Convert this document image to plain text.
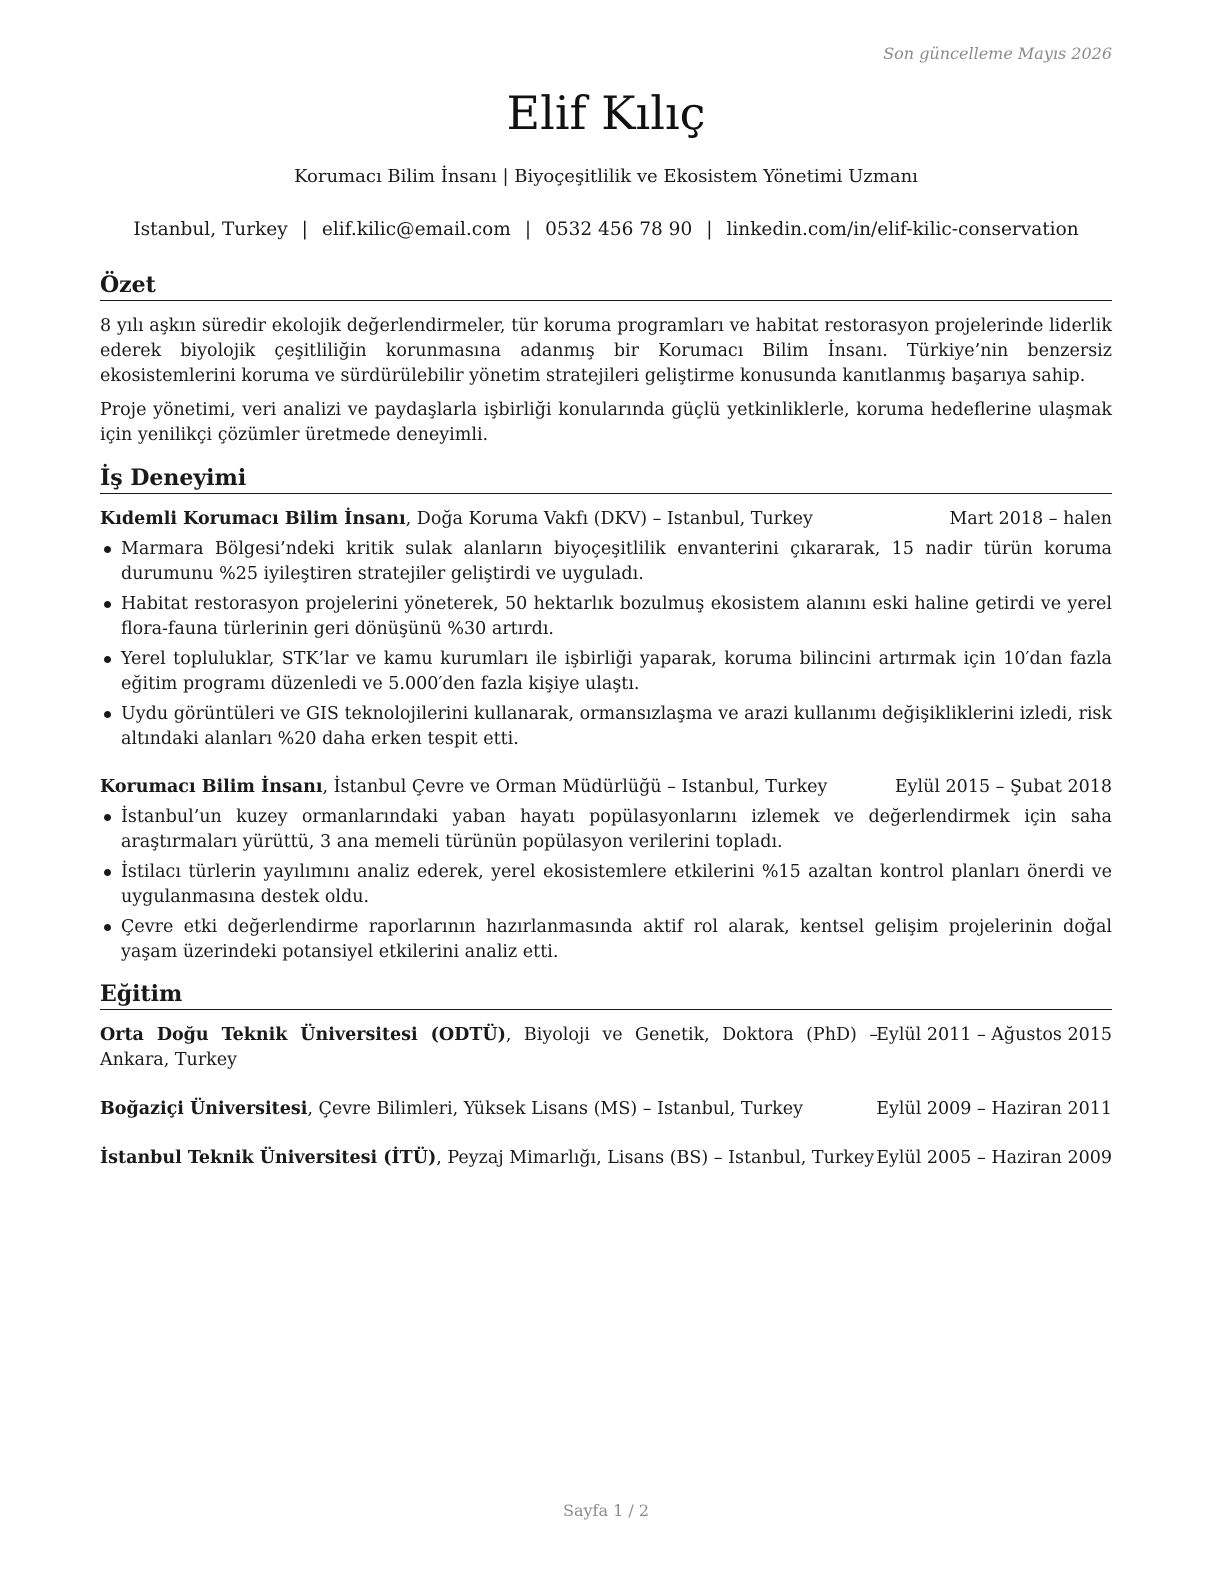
Son güncelleme Mayıs 2026
Elif Kılıç
Korumacı Bilim İnsanı | Biyoçeşitlilik ve Ekosistem Yönetimi Uzmanı
Istanbul, Turkey | elif.kilic@email.com | 0532 456 78 90 | linkedin.com/in/elif-kilic-conservation
Özet

8 yılı aşkın süredir ekolojik değerlendirmeler, tür koruma programları ve habitat restorasyon projelerinde liderlik ederek biyolojik çeşitliliğin korunmasına adanmış bir Korumacı Bilim İnsanı. Türkiye’nin benzersiz ekosistemlerini koruma ve sürdürülebilir yönetim stratejileri geliştirme konusunda kanıtlanmış başarıya sahip.

Proje yönetimi, veri analizi ve paydaşlarla işbirliği konularında güçlü yetkinliklerle, koruma hedeflerine ulaşmak için yenilikçi çözümler üretmede deneyimli.

İş Deneyimi
Kıdemli Korumacı Bilim İnsanı, Doğa Koruma Vakfı (DKV) – Istanbul, Turkey	Mart 2018 – halen
Marmara Bölgesi’ndeki kritik sulak alanların biyoçeşitlilik envanterini çıkararak, 15 nadir türün koruma durumunu %25 iyileştiren stratejiler geliştirdi ve uyguladı.
Habitat restorasyon projelerini yöneterek, 50 hektarlık bozulmuş ekosistem alanını eski haline getirdi ve yerel flora-fauna türlerinin geri dönüşünü %30 artırdı.
Yerel topluluklar, STK’lar ve kamu kurumları ile işbirliği yaparak, koruma bilincini artırmak için 10′dan fazla eğitim programı düzenledi ve 5.000′den fazla kişiye ulaştı.
Uydu görüntüleri ve GIS teknolojilerini kullanarak, ormansızlaşma ve arazi kullanımı değişikliklerini izledi, risk altındaki alanları %20 daha erken tespit etti.
Korumacı Bilim İnsanı, İstanbul Çevre ve Orman Müdürlüğü – Istanbul, Turkey	Eylül 2015 – Şubat 2018
İstanbul’un kuzey ormanlarındaki yaban hayatı popülasyonlarını izlemek ve değerlendirmek için saha araştırmaları yürüttü, 3 ana memeli türünün popülasyon verilerini topladı.
İstilacı türlerin yayılımını analiz ederek, yerel ekosistemlere etkilerini %15 azaltan kontrol planları önerdi ve uygulanmasına destek oldu.
Çevre etki değerlendirme raporlarının hazırlanmasında aktif rol alarak, kentsel gelişim projelerinin doğal yaşam üzerindeki potansiyel etkilerini analiz etti.
Eğitim
Orta Doğu Teknik Üniversitesi (ODTÜ), Biyoloji ve Genetik, Doktora (PhD) – Ankara, Turkey
Eylül 2011 – Ağustos 2015
Boğaziçi Üniversitesi, Çevre Bilimleri, Yüksek Lisans (MS) – Istanbul, Turkey	Eylül 2009 – Haziran 2011
İstanbul Teknik Üniversitesi (İTÜ), Peyzaj Mimarlığı, Lisans (BS) – Istanbul, Turkey Eylül 2005 – Haziran 2009
Sayfa 1 / 2
